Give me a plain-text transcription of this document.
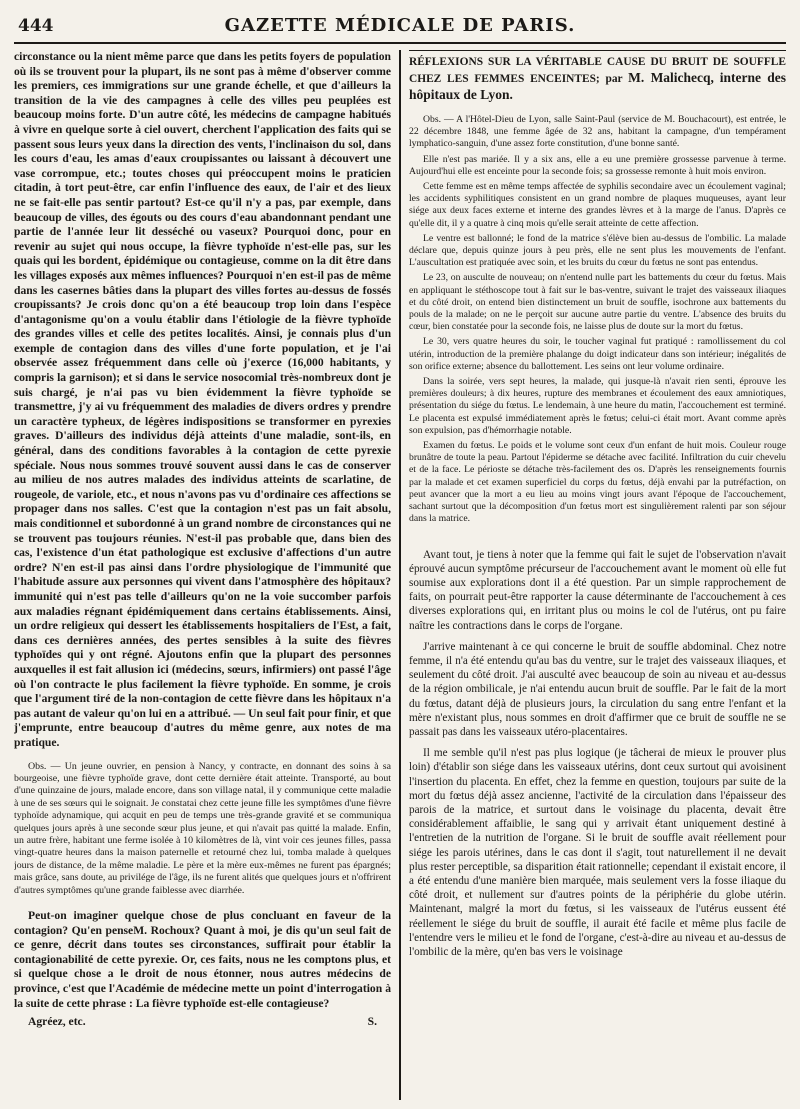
444	GAZETTE MÉDICALE DE PARIS.

circonstance ou la nient même parce que dans les petits foyers de population où ils se trouvent pour la plupart, ils ne sont pas à même d'observer comme les premiers, ces immigrations sur une grande échelle, et que d'ailleurs la transition de la vie des campagnes à celle des villes peu peuplées est beaucoup moins forte. D'un autre côté, les médecins de campagne habitués à vivre en quelque sorte à ciel ouvert, cherchent l'application des faits qui se passent sous leurs yeux dans la direction des vents, l'inclinaison du sol, dans les cours d'eau, les amas d'eaux croupissantes ou laissant à découvert une vase corrompue, etc.; toutes choses qui préoccupent moins le praticien citadin, à tort peut-être, car enfin l'influence des eaux, de l'air et des lieux ne se fait-elle pas sentir partout? Est-ce qu'il n'y a pas, par exemple, dans beaucoup de villes, des égouts ou des cours d'eau abandonnant pendant une partie de l'année leur lit desséché ou vaseux? Pourquoi donc, pour en revenir au sujet qui nous occupe, la fièvre typhoïde n'est-elle pas, sur les quais qui les bordent, épidémique ou contagieuse, comme on la dit être dans les villages exposés aux mêmes influences? Pourquoi n'en est-il pas de même dans les casernes bâties dans la plupart des villes fortes au-dessus de fossés croupissants? Je crois donc qu'on a été beaucoup trop loin dans l'espèce d'antagonisme qu'on a voulu établir dans l'étiologie de la fièvre typhoïde des grandes villes et celle des petites localités. Ainsi, je connais plus d'un exemple de contagion dans des villes d'une forte population, et je l'ai observée assez fréquemment dans celle où j'exerce (16,000 habitants, y compris la garnison); et si dans le service nosocomial très-nombreux dont je suis chargé, je n'ai pas vu bien évidemment la fièvre typhoïde se transmettre, j'y ai vu fréquemment des maladies de divers ordres y prendre un caractère typheux, de légères indispositions se transformer en pyrexies graves. D'ailleurs des individus déjà atteints d'une maladie, sont-ils, en général, dans des conditions favorables à la contagion de cette pyrexie spéciale. Nous nous sommes trouvé souvent aussi dans le cas de conserver au milieu de nos autres malades des individus atteints de scarlatine, de rougeole, de variole, etc., et nous n'avons pas vu d'ordinaire ces affections se propager dans nos salles. C'est que la contagion n'est pas un fait absolu, mais conditionnel et subordonné à un grand nombre de circonstances qui ne se trouvent pas toujours réunies. N'est-il pas probable que, dans bien des cas, l'existence d'un état pathologique est exclusive d'affections d'un autre ordre? N'en est-il pas ainsi dans l'ordre physiologique de l'immunité que l'habitude assure aux personnes qui vivent dans l'atmosphère des hôpitaux? immunité qui n'est pas telle d'ailleurs qu'on ne la voie succomber parfois aux maladies régnant épidémiquement dans certains établissements. Ainsi, un ordre religieux qui dessert les établissements hospitaliers de l'Est, a fait, dans ces dernières années, des pertes sensibles à la suite des fièvres typhoïdes qui y ont régné. Ajoutons enfin que la plupart des personnes auxquelles il est fait allusion ici (médecins, sœurs, infirmiers) ont passé l'âge où l'on contracte le plus facilement la fièvre typhoïde. En somme, je crois que l'argument tiré de la non-contagion de cette fièvre dans les hôpitaux n'a pas autant de valeur qu'on lui en a attribué. — Un seul fait pour finir, et que j'emprunte, entre beaucoup d'autres du même genre, aux notes de ma pratique.

Obs. — Un jeune ouvrier, en pension à Nancy, y contracte, en donnant des soins à sa bourgeoise, une fièvre typhoïde grave, dont cette dernière était atteinte. Transporté, au bout d'une quinzaine de jours, malade encore, dans son village natal, il y communique cette maladie à une de ses sœurs qui le soignait. Je constatai chez cette jeune fille les symptômes d'une fièvre typhoïde adynamique, qui acquit en peu de temps une très-grande gravité et se communiqua quelques jours après à une seconde sœur plus jeune, et qui n'avait pas quitté la malade. Enfin, un autre frère, habitant une ferme isolée à 10 kilomètres de là, vint voir ces jeunes filles, passa vingt-quatre heures dans la maison paternelle et retourné chez lui, tomba malade à quelques jours de distance, de la même maladie. Le père et la mère eux-mêmes ne furent pas épargnés; mais grâce, sans doute, au privilége de l'âge, ils ne furent alités que quelques jours et n'offrirent d'autres symptômes qu'une grande faiblesse avec diarrhée.

Peut-on imaginer quelque chose de plus concluant en faveur de la contagion? Qu'en penseM. Rochoux? Quant à moi, je dis qu'un seul fait de ce genre, décrit dans toutes ses circonstances, suffirait pour établir la contagionabilité de cette pyrexie. Or, ces faits, nous ne les comptons plus, et si quelque chose a le droit de nous étonner, nous autres médecins de province, c'est que l'Académie de médecine mette un point d'interrogation à la suite de cette phrase : La fièvre typhoïde est-elle contagieuse?

Agréez, etc.	S.

RÉFLEXIONS SUR LA VÉRITABLE CAUSE DU BRUIT DE SOUFFLE CHEZ LES FEMMES ENCEINTES; par M. Malichecq, interne des hôpitaux de Lyon.

Obs. — A l'Hôtel-Dieu de Lyon, salle Saint-Paul (service de M. Bouchacourt), est entrée, le 22 décembre 1848, une femme âgée de 32 ans, habitant la campagne, d'un tempérament lymphatico-sanguin, d'une assez forte constitution, d'une bonne santé.

Elle n'est pas mariée. Il y a six ans, elle a eu une première grossesse parvenue à terme. Aujourd'hui elle est enceinte pour la seconde fois; sa grossesse remonte à huit mois environ.

Cette femme est en même temps affectée de syphilis secondaire avec un écoulement vaginal; les accidents syphilitiques consistent en un grand nombre de plaques muqueuses, ayant leur siége aux deux faces externe et interne des grandes lèvres et à la marge de l'anus. D'après ce qu'elle dit, il y a quatre à cinq mois qu'elle serait atteinte de cette affection.

Le ventre est ballonné; le fond de la matrice s'élève bien au-dessus de l'ombilic. La malade déclare que, depuis quinze jours à peu près, elle ne sent plus les mouvements de l'enfant. L'auscultation est pratiquée avec soin, et les bruits du cœur du fœtus ne sont pas entendus.

Le 23, on ausculte de nouveau; on n'entend nulle part les battements du cœur du fœtus. Mais en appliquant le stéthoscope tout à fait sur le bas-ventre, suivant le trajet des vaisseaux iliaques et du côté droit, on entend bien distinctement un bruit de souffle, isochrone aux battements du pouls de la malade; on ne le perçoit sur aucune autre partie du ventre. L'absence des bruits du cœur, bien constatée pour la seconde fois, ne laisse plus de doute sur la mort du fœtus.

Le 30, vers quatre heures du soir, le toucher vaginal fut pratiqué : ramollissement du col utérin, introduction de la première phalange du doigt indicateur dans son intérieur; inégalités de son orifice externe; absence du ballottement. Les seins ont leur volume ordinaire.

Dans la soirée, vers sept heures, la malade, qui jusque-là n'avait rien senti, éprouve les premières douleurs; à dix heures, rupture des membranes et écoulement des eaux amniotiques, présentation du siége du fœtus. Le lendemain, à une heure du matin, l'accouchement est terminé. Le placenta est expulsé immédiatement après le fœtus; celui-ci était mort. Avant comme après son expulsion, pas d'hémorrhagie notable.

Examen du fœtus. Le poids et le volume sont ceux d'un enfant de huit mois. Couleur rouge brunâtre de toute la peau. Partout l'épiderme se détache avec facilité. Infiltration du cuir chevelu et de la face. Le périoste se détache très-facilement des os. D'après les renseignements fournis par la malade et cet examen superficiel du corps du fœtus, déjà envahi par la putréfaction, on peut avancer que la mort a eu lieu au moins vingt jours avant l'époque de l'accouchement, sachant surtout que la décomposition d'un fœtus mort est singulièrement ralenti par son séjour dans la matrice.

Avant tout, je tiens à noter que la femme qui fait le sujet de l'observation n'avait éprouvé aucun symptôme précurseur de l'accouchement avant le moment où elle fut soumise aux explorations dont il a été question. Par un simple rapprochement de faits, on pourrait peut-être rapporter la cause déterminante de l'accouchement à ces diverses explorations qui, en irritant plus ou moins le col de l'utérus, ont pu faire naître les contractions dans le corps de l'organe.

J'arrive maintenant à ce qui concerne le bruit de souffle abdominal. Chez notre femme, il n'a été entendu qu'au bas du ventre, sur le trajet des vaisseaux iliaques, et seulement du côté droit. J'ai ausculté avec beaucoup de soin au niveau et au-dessus de la région ombilicale, je n'ai entendu aucun bruit de souffle. Par le fait de la mort du fœtus, datant déjà de plusieurs jours, la circulation du sang entre l'enfant et la mère n'existant plus, nous sommes en droit d'affirmer que ce bruit de souffle ne se passait pas dans les vaisseaux utéro-placentaires.

Il me semble qu'il n'est pas plus logique (je tâcherai de mieux le prouver plus loin) d'établir son siége dans les vaisseaux utérins, dont ceux surtout qui avoisinent l'insertion du placenta. En effet, chez la femme en question, toujours par suite de la mort du fœtus déjà assez ancienne, l'activité de la circulation dans l'épaisseur des parois de la matrice, et surtout dans le voisinage du placenta, devait être considérablement affaiblie, le sang qui y arrivait étant uniquement destiné à l'entretien de la nutrition de l'organe. Si le bruit de souffle avait réellement pour siége les parois utérines, dans le cas dont il s'agit, tout naturellement il ne devait plus rester perceptible, sa disparition était rationnelle; cependant il existait encore, il a été entendu d'une manière bien marquée, mais seulement vers la fosse iliaque du côté droit, et nullement sur d'autres points de la périphérie du globe utérin. Maintenant, malgré la mort du fœtus, si les vaisseaux de l'utérus eussent été réellement le siége du bruit de souffle, il aurait été facile et même plus facile de l'entendre vers le milieu et le fond de l'organe, c'est-à-dire au niveau et au-dessus de l'ombilic de la mère, qu'en bas vers le voisinage
